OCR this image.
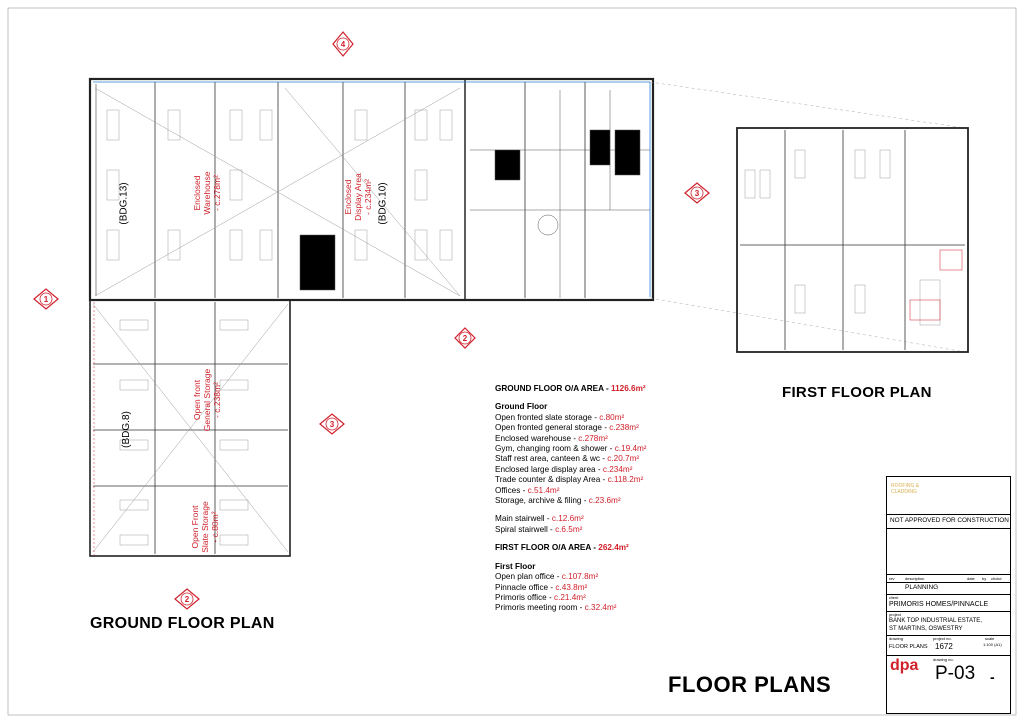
4
1
2
3
3
2
(BDG.13)	(BDG.10)
(BDG.8)
Enclosed Warehouse - c.278m²	Enclosed Display Area - c.234m²
Open front General Storage - c.238m²
Open Front Slate Storage - c.80m²
GROUND FLOOR PLAN
FIRST FLOOR PLAN
FLOOR PLANS
GROUND FLOOR O/A AREA - 1126.6m²
Ground Floor
Open fronted slate storage - c.80m²
Open fronted general storage - c.238m²
Enclosed warehouse - c.278m²
Gym, changing room & shower - c.19.4m²
Staff rest area, canteen & wc - c.20.7m²
Enclosed large display area - c.234m²
Trade counter & display Area - c.118.2m²
Offices - c.51.4m²
Storage, archive & filing - c.23.6m²
Main stairwell - c.12.6m²
Spiral stairwell - c.6.5m²
FIRST FLOOR O/A AREA - 262.4m²
First Floor
Open plan office - c.107.8m²
Pinnacle office - c.43.8m²
Primoris office - c.21.4m²
Primoris meeting room - c.32.4m²
ROOFING & CLADDING	PRIMORIS HOMES LTD
NOT APPROVED FOR CONSTRUCTION
rev	description	date by chckd
PLANNING
client
PRIMORIS HOMES/PINNACLE
project
BANK TOP INDUSTRIAL ESTATE,
ST MARTINS, OSWESTRY
drawing
FLOOR PLANS
project no.
1672
scale
1:100 (A1)
dpa	drawing no.
P-03 -
